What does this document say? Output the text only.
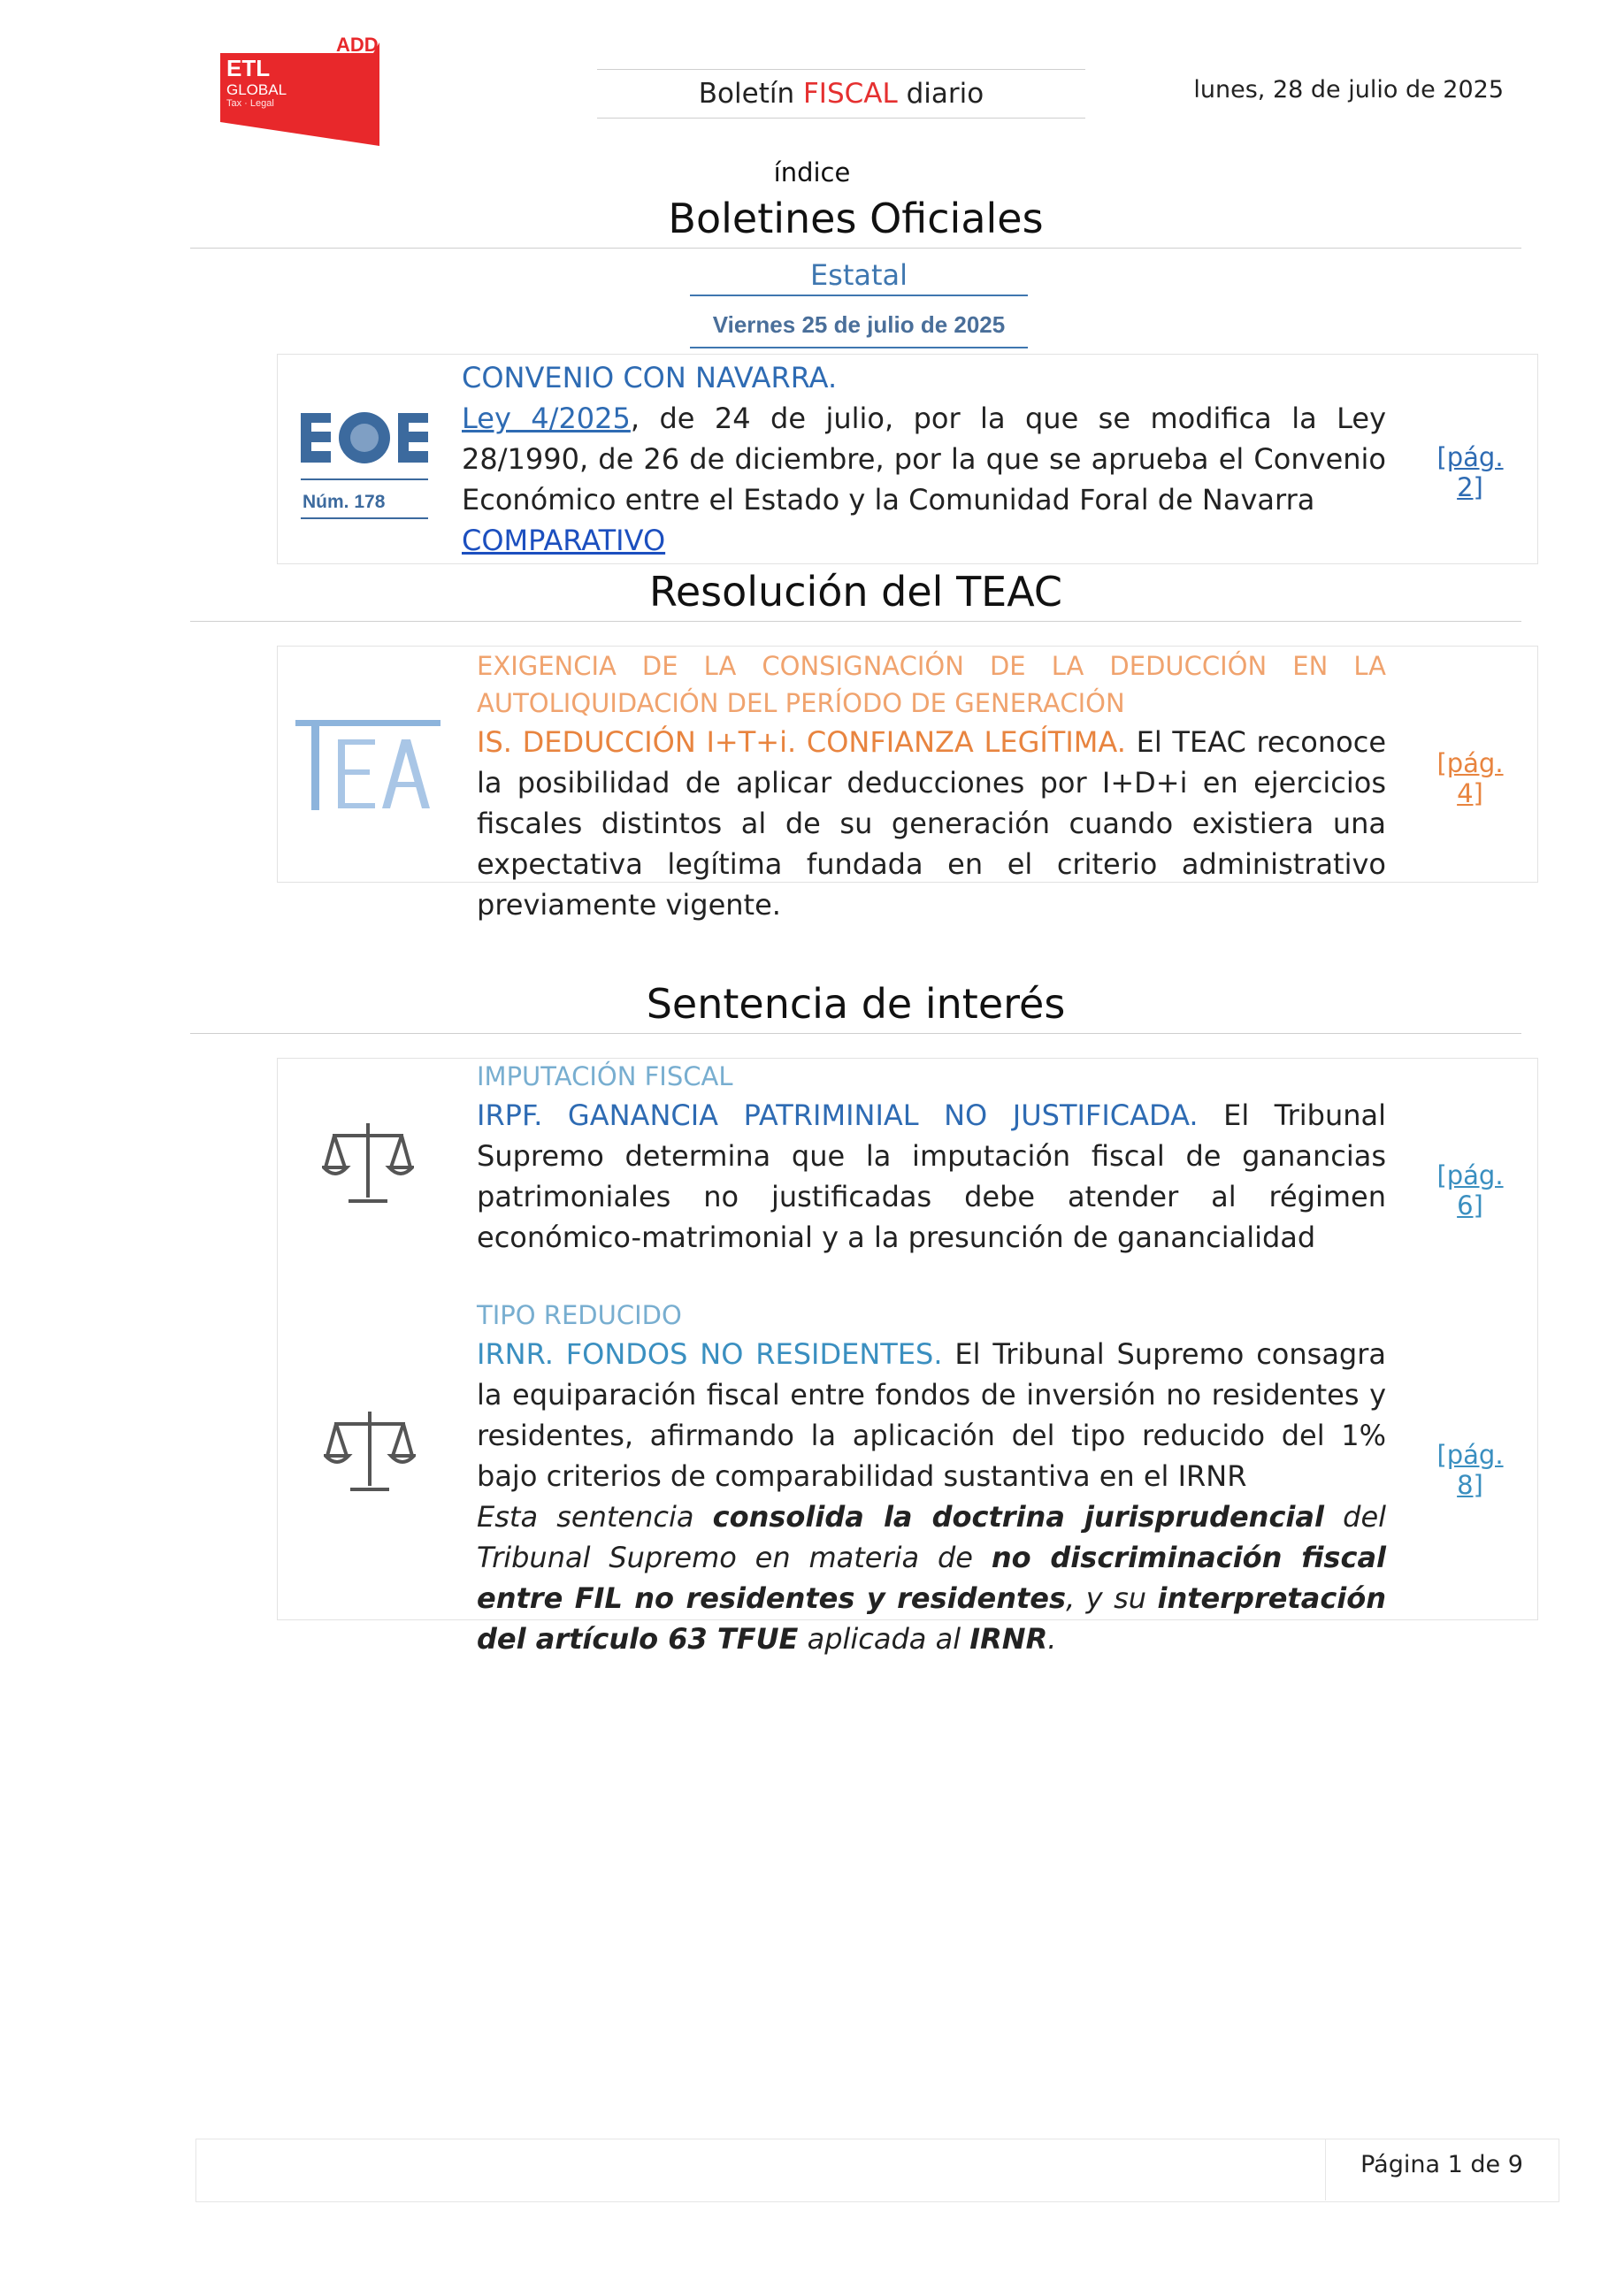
ADD
ETL
GLOBAL
Tax · Legal	Boletín FISCAL diario	lunes, 28 de julio de 2025
índice
Boletines Oficiales
Estatal
Viernes 25 de julio de 2025
Núm. 178
CONVENIO CON NAVARRA.
Ley 4/2025, de 24 de julio, por la que se modifica la Ley 28/1990, de 26 de diciembre, por la que se aprueba el Convenio Económico entre el Estado y la Comunidad Foral de Navarra
COMPARATIVO
[pág. 2]
Resolución del TEAC
EXIGENCIA DE LA CONSIGNACIÓN DE LA DEDUCCIÓN EN LA
AUTOLIQUIDACIÓN DEL PERÍODO DE GENERACIÓN
IS. DEDUCCIÓN I+T+i. CONFIANZA LEGÍTIMA. El TEAC reconoce la posibilidad de aplicar deducciones por I+D+i en ejercicios fiscales distintos al de su generación cuando existiera una expectativa legítima fundada en el criterio administrativo previamente vigente.
[pág. 4]
Sentencia de interés
IMPUTACIÓN FISCAL
IRPF. GANANCIA PATRIMINIAL NO JUSTIFICADA. El Tribunal Supremo determina que la imputación fiscal de ganancias patrimoniales no justificadas debe atender al régimen económico-matrimonial y a la presunción de ganancialidad
[pág. 6]
TIPO REDUCIDO
IRNR. FONDOS NO RESIDENTES. El Tribunal Supremo consagra la equiparación fiscal entre fondos de inversión no residentes y residentes, afirmando la aplicación del tipo reducido del 1% bajo criterios de comparabilidad sustantiva en el IRNR
Esta sentencia consolida la doctrina jurisprudencial del Tribunal Supremo en materia de no discriminación fiscal entre FIL no residentes y residentes, y su interpretación del artículo 63 TFUE aplicada al IRNR.
[pág. 8]
Página 1 de 9
